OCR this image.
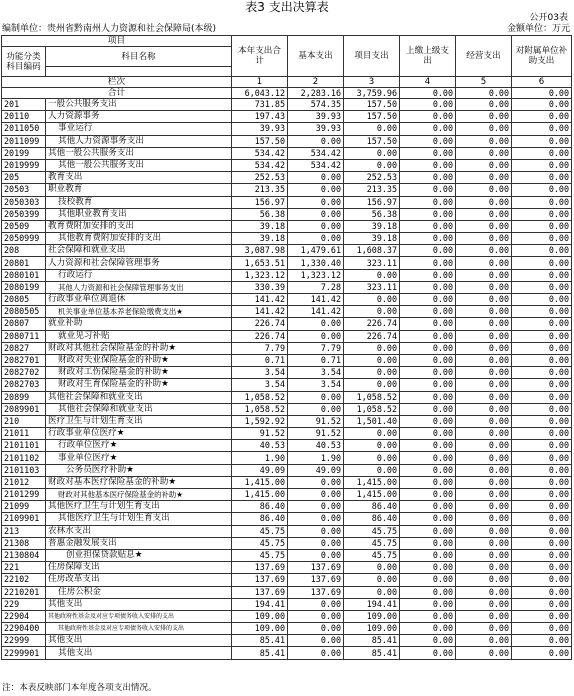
表3 支出决算表
公开03表
编制单位：贵州省黔南州人力资源和社会保障局(本级)	金额单位：万元
项目		本年支出合计	基本支出	项目支出	上缴上级支出	经营支出	对附属单位补助支出
功能分类
科目编码	科目名称						

栏次		1	2	3	4	5	6
合计		6,043.12	2,283.16	3,759.96	0.00	0.00	0.00
201	一般公共服务支出	731.85	574.35	157.50	0.00	0.00	0.00
20110	人力资源事务	197.43	39.93	157.50	0.00	0.00	0.00
2011050	事业运行	39.93	39.93	0.00	0.00	0.00	0.00
2011099	其他人力资源事务支出	157.50	0.00	157.50	0.00	0.00	0.00
20199	其他一般公共服务支出	534.42	534.42	0.00	0.00	0.00	0.00
2019999	其他一般公共服务支出	534.42	534.42	0.00	0.00	0.00	0.00
205	教育支出	252.53	0.00	252.53	0.00	0.00	0.00
20503	职业教育	213.35	0.00	213.35	0.00	0.00	0.00
2050303	技校教育	156.97	0.00	156.97	0.00	0.00	0.00
2050399	其他职业教育支出	56.38	0.00	56.38	0.00	0.00	0.00
20509	教育费附加安排的支出	39.18	0.00	39.18	0.00	0.00	0.00
2050999	其他教育费附加安排的支出	39.18	0.00	39.18	0.00	0.00	0.00
208	社会保障和就业支出	3,087.98	1,479.61	1,608.37	0.00	0.00	0.00
20801	人力资源和社会保障管理事务	1,653.51	1,330.40	323.11	0.00	0.00	0.00
2080101	行政运行	1,323.12	1,323.12	0.00	0.00	0.00	0.00
2080199	其他人力资源和社会保障管理事务支出	330.39	7.28	323.11	0.00	0.00	0.00
20805	行政事业单位离退休	141.42	141.42	0.00	0.00	0.00	0.00
2080505	机关事业单位基本养老保险缴费支出★	141.42	141.42	0.00	0.00	0.00	0.00
20807	就业补助	226.74	0.00	226.74	0.00	0.00	0.00
2080711	就业见习补贴	226.74	0.00	226.74	0.00	0.00	0.00
20827	财政对其他社会保险基金的补助★	7.79	7.79	0.00	0.00	0.00	0.00
2082701	财政对失业保险基金的补助★	0.71	0.71	0.00	0.00	0.00	0.00
2082702	财政对工伤保险基金的补助★	3.54	3.54	0.00	0.00	0.00	0.00
2082703	财政对生育保险基金的补助★	3.54	3.54	0.00	0.00	0.00	0.00
20899	其他社会保障和就业支出	1,058.52	0.00	1,058.52	0.00	0.00	0.00
2089901	其他社会保障和就业支出	1,058.52	0.00	1,058.52	0.00	0.00	0.00
210	医疗卫生与计划生育支出	1,592.92	91.52	1,501.40	0.00	0.00	0.00
21011	行政事业单位医疗★	91.52	91.52	0.00	0.00	0.00	0.00
2101101	行政单位医疗★	40.53	40.53	0.00	0.00	0.00	0.00
2101102	事业单位医疗★	1.90	1.90	0.00	0.00	0.00	0.00
2101103	公务员医疗补助★	49.09	49.09	0.00	0.00	0.00	0.00
21012	财政对基本医疗保险基金的补助★	1,415.00	0.00	1,415.00	0.00	0.00	0.00
2101299	财政对其他基本医疗保险基金的补助★	1,415.00	0.00	1,415.00	0.00	0.00	0.00
21099	其他医疗卫生与计划生育支出	86.40	0.00	86.40	0.00	0.00	0.00
2109901	其他医疗卫生与计划生育支出	86.40	0.00	86.40	0.00	0.00	0.00
213	农林水支出	45.75	0.00	45.75	0.00	0.00	0.00
21308	普惠金融发展支出	45.75	0.00	45.75	0.00	0.00	0.00
2130804	创业担保贷款贴息★	45.75	0.00	45.75	0.00	0.00	0.00
221	住房保障支出	137.69	137.69	0.00	0.00	0.00	0.00
22102	住房改革支出	137.69	137.69	0.00	0.00	0.00	0.00
2210201	住房公积金	137.69	137.69	0.00	0.00	0.00	0.00
229	其他支出	194.41	0.00	194.41	0.00	0.00	0.00
22904	其他政府性基金及对应专项债务收入安排的支出	109.00	0.00	109.00	0.00	0.00	0.00
2290400	其他政府性基金及对应专项债务收入安排的支出	109.00	0.00	109.00	0.00	0.00	0.00
22999	其他支出	85.41	0.00	85.41	0.00	0.00	0.00
2299901	其他支出	85.41	0.00	85.41	0.00	0.00	0.00
注：本表反映部门本年度各项支出情况。
